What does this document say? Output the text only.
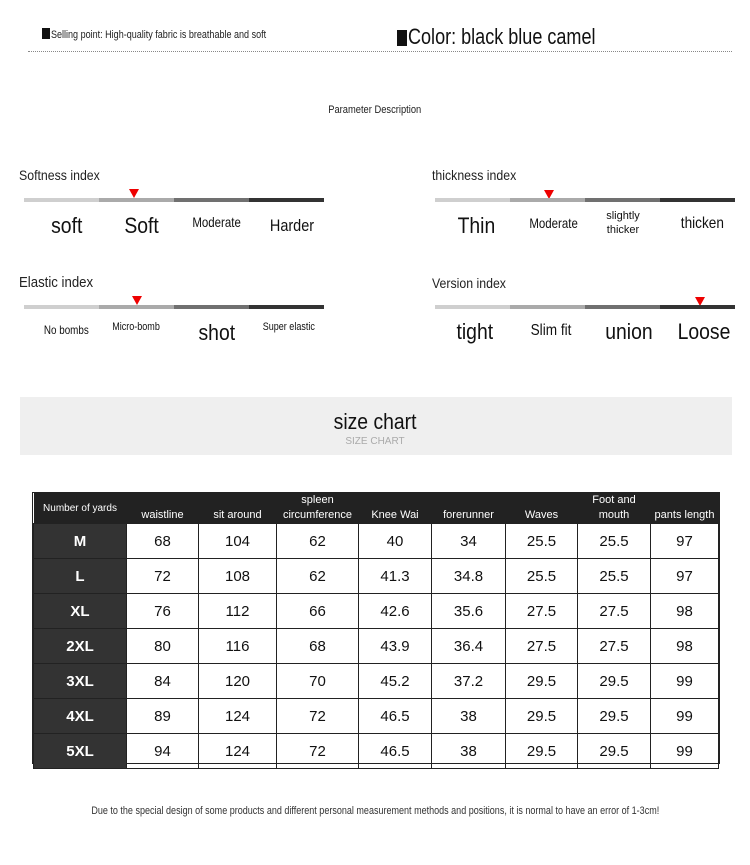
Selling point: High-quality fabric is breathable and soft	Color: black blue camel
Parameter Description
Softness index
soft	Soft	Moderate	Harder
thickness index
Thin	Moderate	slightly thicker	thicken
Elastic index
No bombs	Micro-bomb	shot	Super elastic
Version index
tight	Slim fit	union	Loose
size chart
SIZE CHART
Number of yards	waistline	sit around	spleen circumference	Knee Wai	forerunner	Waves	Foot and mouth	pants length
M	68	104	62	40	34	25.5	25.5	97
L	72	108	62	41.3	34.8	25.5	25.5	97
XL	76	112	66	42.6	35.6	27.5	27.5	98
2XL	80	116	68	43.9	36.4	27.5	27.5	98
3XL	84	120	70	45.2	37.2	29.5	29.5	99
4XL	89	124	72	46.5	38	29.5	29.5	99
5XL	94	124	72	46.5	38	29.5	29.5	99
Due to the special design of some products and different personal measurement methods and positions, it is normal to have an error of 1-3cm!
